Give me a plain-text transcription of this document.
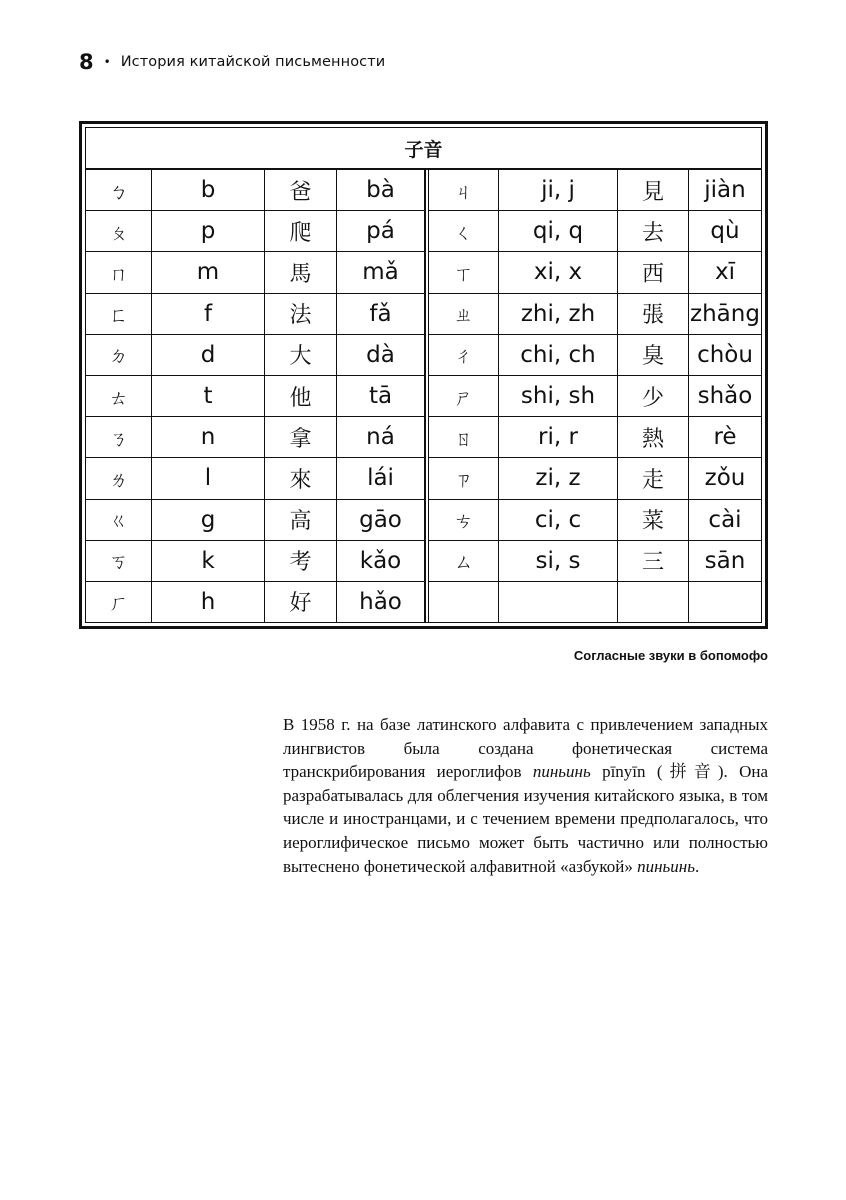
8 • История китайской письменности
子音
ㄅ	b	爸	bà
ㄆ	p	爬	pá
ㄇ	m	馬	mǎ
ㄈ	f	法	fǎ
ㄉ	d	大	dà
ㄊ	t	他	tā
ㄋ	n	拿	ná
ㄌ	l	來	lái
ㄍ	g	高	gāo
ㄎ	k	考	kǎo
ㄏ	h	好	hǎo
ㄐ	ji, j	見	jiàn
ㄑ	qi, q	去	qù
ㄒ	xi, x	西	xī
ㄓ	zhi, zh	張	zhāng
ㄔ	chi, ch	臭	chòu
ㄕ	shi, sh	少	shǎo
ㄖ	ri, r	熱	rè
ㄗ	zi, z	走	zǒu
ㄘ	ci, c	菜	cài
ㄙ	si, s	三	sān
Согласные звуки в бопомофо

В 1958 г. на базе латинского алфавита с привлечением западных лингвистов была создана фонетическая система транскрибирования иероглифов пиньинь pīnyīn (拼音). Она разрабатывалась для облегчения изучения китайского языка, в том числе и иностранцами, и с течением времени предполагалось, что иероглифическое письмо может быть частично или полностью вытеснено фонетической алфавитной «азбукой» пиньинь.
